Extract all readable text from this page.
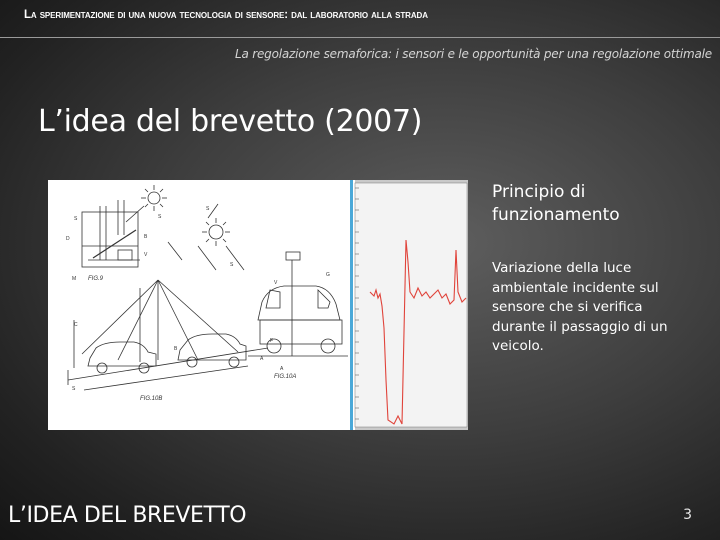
La sperimentazione di una nuova tecnologia di sensore: dal laboratorio alla strada
La regolazione semaforica: i sensori e le opportunità per una regolazione ottimale
L’idea del brevetto (2007)
FIG.9
FIG.10A
FIG.10B
S	S
S
D	B
M
S
V
G
V
C
B
F
A
A
S
Principio di funzionamento
Variazione della luce ambientale incidente sul sensore che si verifica durante il passaggio di un veicolo.
L’IDEA DEL BREVETTO	3
